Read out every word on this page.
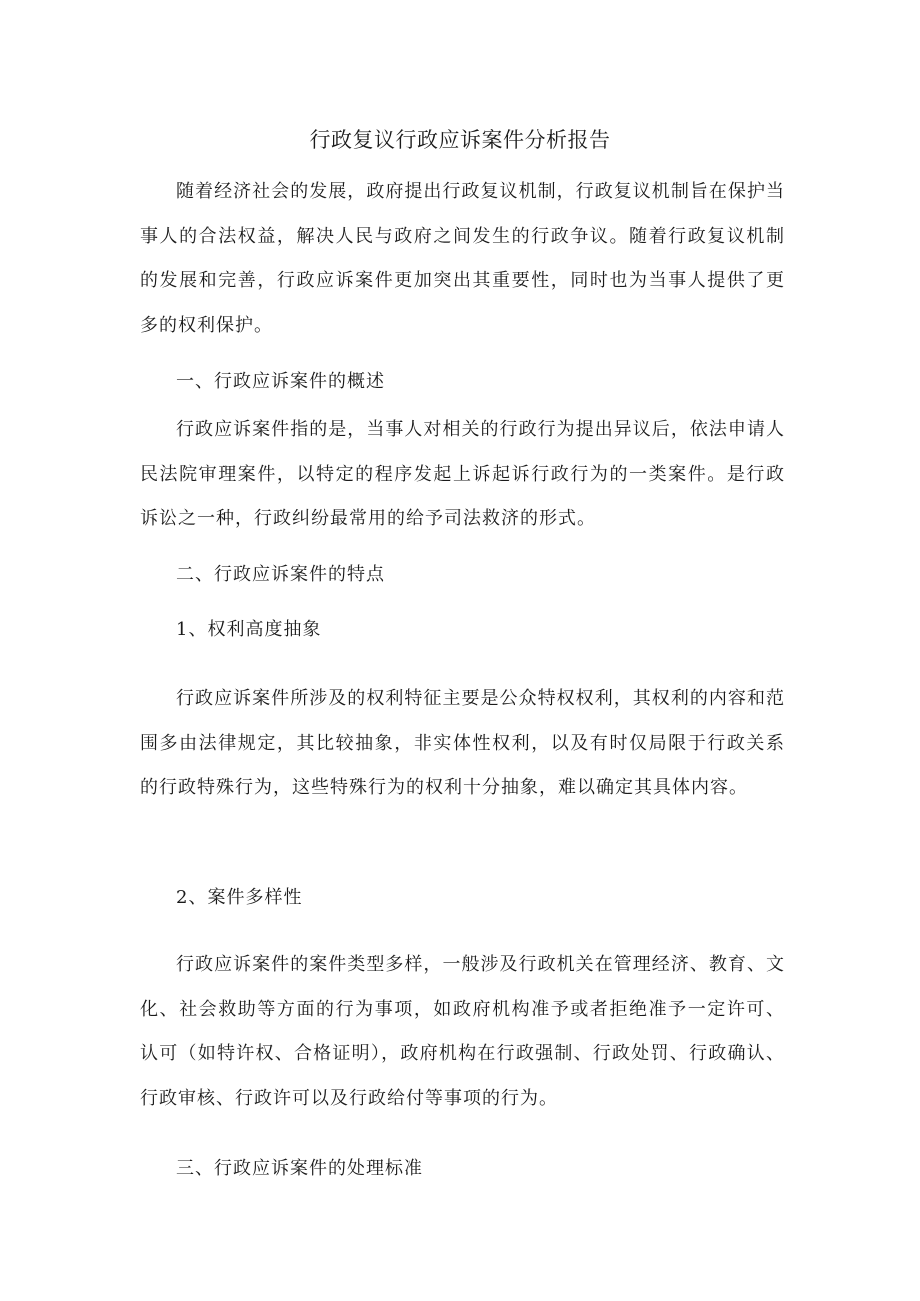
行政复议行政应诉案件分析报告

随着经济社会的发展，政府提出行政复议机制，行政复议机制旨在保护当事人的合法权益，解决人民与政府之间发生的行政争议。随着行政复议机制的发展和完善，行政应诉案件更加突出其重要性，同时也为当事人提供了更多的权利保护。

一、行政应诉案件的概述

行政应诉案件指的是，当事人对相关的行政行为提出异议后，依法申请人民法院审理案件，以特定的程序发起上诉起诉行政行为的一类案件。是行政诉讼之一种，行政纠纷最常用的给予司法救济的形式。

二、行政应诉案件的特点

1、权利高度抽象

行政应诉案件所涉及的权利特征主要是公众特权权利，其权利的内容和范围多由法律规定，其比较抽象，非实体性权利，以及有时仅局限于行政关系的行政特殊行为，这些特殊行为的权利十分抽象，难以确定其具体内容。

2、案件多样性

行政应诉案件的案件类型多样，一般涉及行政机关在管理经济、教育、文化、社会救助等方面的行为事项，如政府机构准予或者拒绝准予一定许可、认可（如特许权、合格证明），政府机构在行政强制、行政处罚、行政确认、行政审核、行政许可以及行政给付等事项的行为。

三、行政应诉案件的处理标准
